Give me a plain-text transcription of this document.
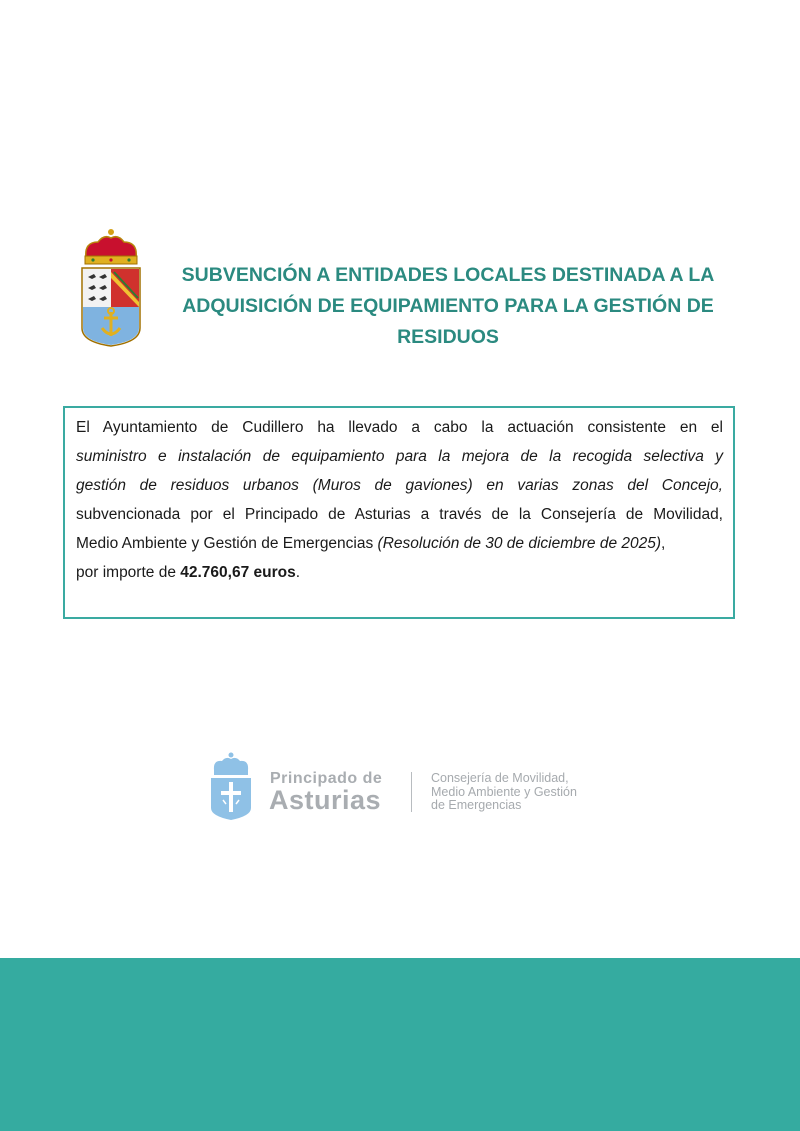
SUBVENCIÓN A ENTIDADES LOCALES DESTINADA A LA
ADQUISICIÓN DE EQUIPAMIENTO PARA LA GESTIÓN DE
RESIDUOS
El Ayuntamiento de Cudillero ha llevado a cabo la actuación consistente en el
suministro e instalación de equipamiento para la mejora de la recogida selectiva y
gestión de residuos urbanos (Muros de gaviones) en varias zonas del Concejo,
subvencionada por el Principado de Asturias a través de la Consejería de Movilidad,
Medio Ambiente y Gestión de Emergencias (Resolución de 30 de diciembre de 2025),
por importe de 42.760,67 euros.
Principado de
Asturias
Consejería de Movilidad,
Medio Ambiente y Gestión
de Emergencias
